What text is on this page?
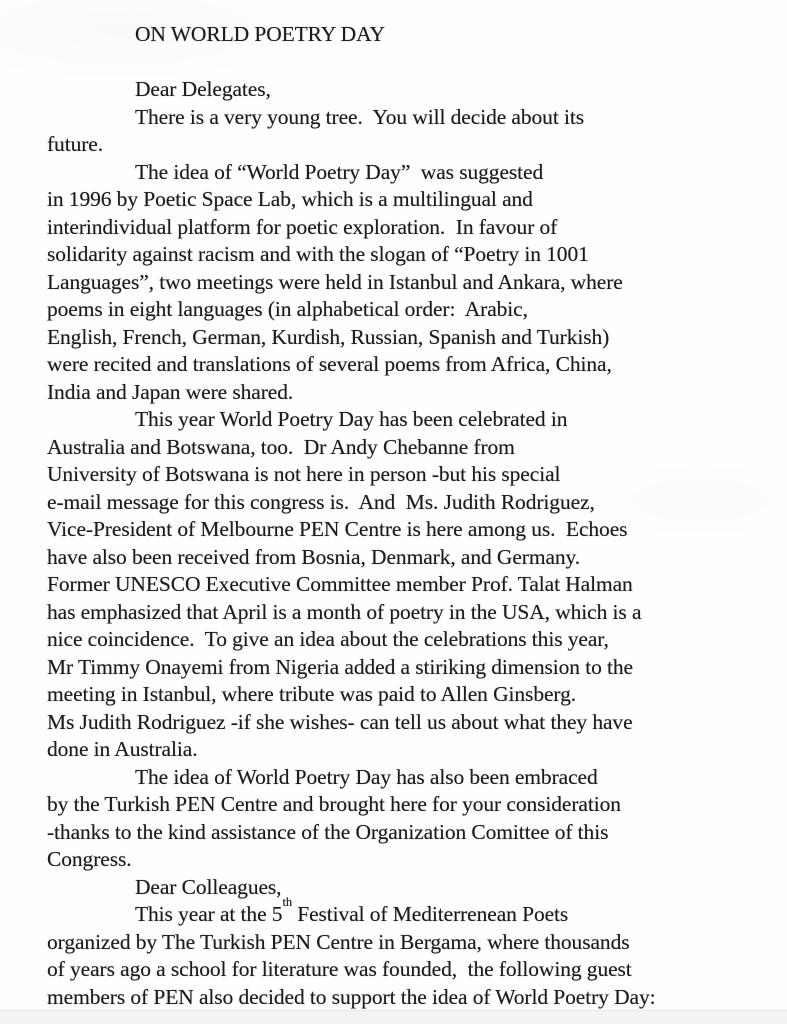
ON WORLD POETRY DAY
Dear Delegates,
There is a very young tree.  You will decide about its
future.
The idea of “World Poetry Day”  was suggested
in 1996 by Poetic Space Lab, which is a multilingual and
interindividual platform for poetic exploration.  In favour of
solidarity against racism and with the slogan of “Poetry in 1001
Languages”, two meetings were held in Istanbul and Ankara, where
poems in eight languages (in alphabetical order:  Arabic,
English, French, German, Kurdish, Russian, Spanish and Turkish)
were recited and translations of several poems from Africa, China,
India and Japan were shared.
This year World Poetry Day has been celebrated in
Australia and Botswana, too.  Dr Andy Chebanne from
University of Botswana is not here in person -but his special
e-mail message for this congress is.  And  Ms. Judith Rodriguez,
Vice-President of Melbourne PEN Centre is here among us.  Echoes
have also been received from Bosnia, Denmark, and Germany.
Former UNESCO Executive Committee member Prof. Talat Halman
has emphasized that April is a month of poetry in the USA, which is a
nice coincidence.  To give an idea about the celebrations this year,
Mr Timmy Onayemi from Nigeria added a stiriking dimension to the
meeting in Istanbul, where tribute was paid to Allen Ginsberg.
Ms Judith Rodriguez -if she wishes- can tell us about what they have
done in Australia.
The idea of World Poetry Day has also been embraced
by the Turkish PEN Centre and brought here for your consideration
-thanks to the kind assistance of the Organization Comittee of this
Congress.
Dear Colleagues,
This year at the 5th Festival of Mediterrenean Poets
organized by The Turkish PEN Centre in Bergama, where thousands
of years ago a school for literature was founded,  the following guest
members of PEN also decided to support the idea of World Poetry Day:
